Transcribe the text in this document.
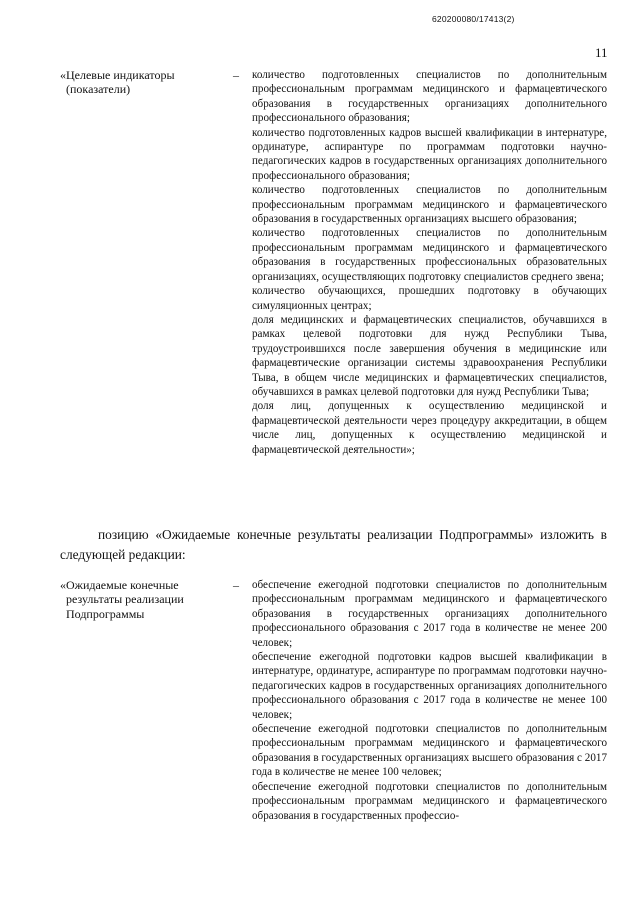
620200080/17413(2)
11
«Целевые индикаторы
(показатели)
– количество подготовленных специалистов по дополнительным профессиональным программам медицинского и фармацевтического образования в государственных организациях дополнительного профессионального образования;

количество подготовленных кадров высшей квалификации в интернатуре, ординатуре, аспирантуре по программам подготовки научно-педагогических кадров в государственных организациях дополнительного профессионального образования;

количество подготовленных специалистов по дополнительным профессиональным программам медицинского и фармацевтического образования в государственных организациях высшего образования;

количество подготовленных специалистов по дополнительным профессиональным программам медицинского и фармацевтического образования в государственных профессиональных образовательных организациях, осуществляющих подготовку специалистов среднего звена;

количество обучающихся, прошедших подготовку в обучающих симуляционных центрах;

доля медицинских и фармацевтических специалистов, обучавшихся в рамках целевой подготовки для нужд Республики Тыва, трудоустроившихся после завершения обучения в медицинские или фармацевтические организации системы здравоохранения Республики Тыва, в общем числе медицинских и фармацевтических специалистов, обучавшихся в рамках целевой подготовки для нужд Республики Тыва;

доля лиц, допущенных к осуществлению медицинской и фармацевтической деятельности через процедуру аккредитации, в общем числе лиц, допущенных к осуществлению медицинской и фармацевтической деятельности»;

позицию «Ожидаемые конечные результаты реализации Подпрограммы» изложить в следующей редакции:
«Ожидаемые конечные
результаты реализации
Подпрограммы
– обеспечение ежегодной подготовки специалистов по дополнительным профессиональным программам медицинского и фармацевтического образования в государственных организациях дополнительного профессионального образования с 2017 года в количестве не менее 200 человек;

обеспечение ежегодной подготовки кадров высшей квалификации в интернатуре, ординатуре, аспирантуре по программам подготовки научно-педагогических кадров в государственных организациях дополнительного профессионального образования с 2017 года в количестве не менее 100 человек;

обеспечение ежегодной подготовки специалистов по дополнительным профессиональным программам медицинского и фармацевтического образования в государственных организациях высшего образования с 2017 года в количестве не менее 100 человек;

обеспечение ежегодной подготовки специалистов по дополнительным профессиональным программам медицинского и фармацевтического образования в государственных профессио-
